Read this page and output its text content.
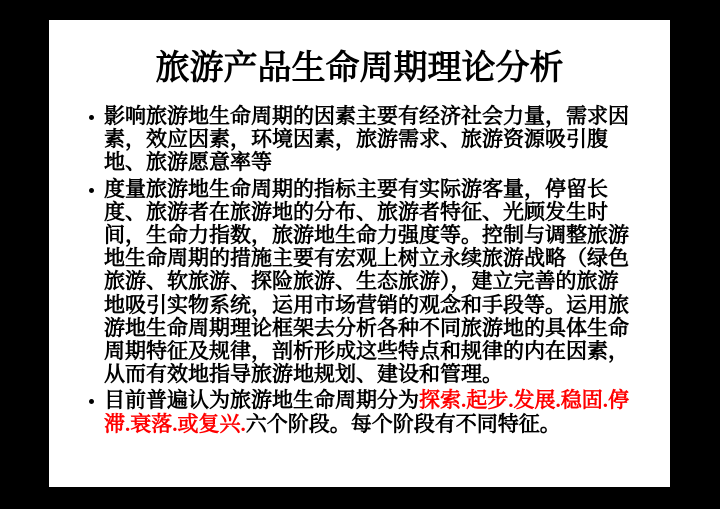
旅游产品生命周期理论分析
影响旅游地生命周期的因素主要有经济社会力量，需求因素，效应因素，环境因素，旅游需求、旅游资源吸引腹地、旅游愿意率等
度量旅游地生命周期的指标主要有实际游客量，停留长度、旅游者在旅游地的分布、旅游者特征、光顾发生时间，生命力指数，旅游地生命力强度等。控制与调整旅游地生命周期的措施主要有宏观上树立永续旅游战略（绿色旅游、软旅游、探险旅游、生态旅游），建立完善的旅游地吸引实物系统，运用市场营销的观念和手段等。运用旅游地生命周期理论框架去分析各种不同旅游地的具体生命周期特征及规律，剖析形成这些特点和规律的内在因素，从而有效地指导旅游地规划、建设和管理。
目前普遍认为旅游地生命周期分为探索.起步.发展.稳固.停滞.衰落.或复兴.六个阶段。每个阶段有不同特征。
